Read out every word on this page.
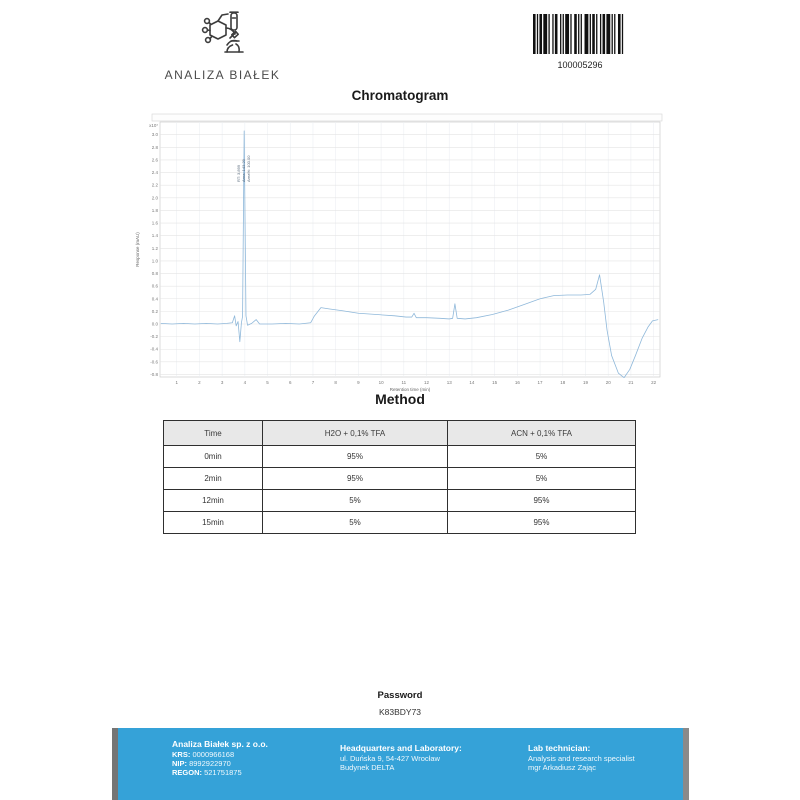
ANALIZA BIAŁEK
100005296
Chromatogram
1	2	3	4	5	6	7	8	9	10	11	12	13	14	15	16	17	18	19	20	21	22
3.0
2.8
2.6
2.4
2.2
2.0
1.8
1.6
1.4
1.2
1.0
0.8
0.6
0.4
0.2
0.0
-0.2
-0.4
-0.6
-0.8
x10⁷
Retention time (min)
Response (mAU)
RT: 3.899 Area: 143.29 Area%: 100.00
Method
Time	H2O + 0,1% TFA	ACN + 0,1% TFA
0min	95%	5%
2min	95%	5%
12min	5%	95%
15min	5%	95%
Password
K83BDY73
Analiza Białek sp. z o.o.
KRS: 0000966168
NIP: 8992922970
REGON: 521751875
Headquarters and Laboratory:
ul. Duńska 9, 54-427 Wrocław
Budynek DELTA
Lab technician:
Analysis and research specialist
mgr Arkadiusz Zając
